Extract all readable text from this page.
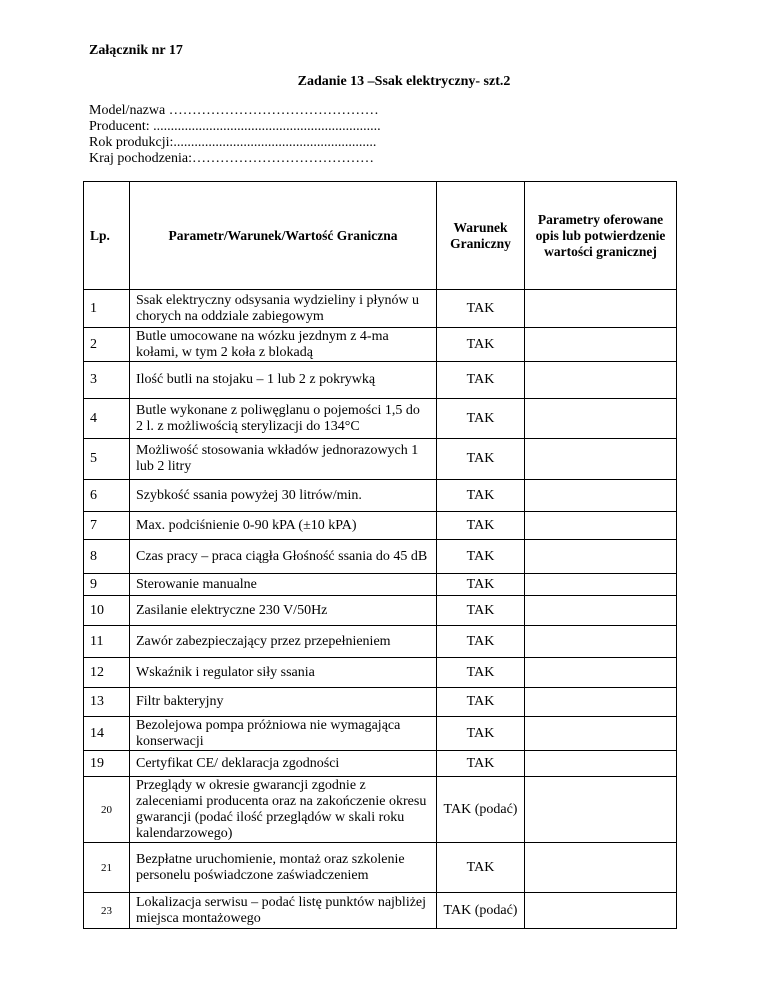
Załącznik nr 17
Zadanie 13 –Ssak elektryczny- szt.2
Model/nazwa ………………………………………
Producent: .................................................................
Rok produkcji:..........................................................
Kraj pochodzenia:…………………………………
Lp.	Parametr/Warunek/Wartość Graniczna	Warunek Graniczny	Parametry oferowane opis lub potwierdzenie wartości granicznej
1	Ssak elektryczny odsysania wydzieliny i płynów u chorych na oddziale zabiegowym	TAK	
2	Butle umocowane na wózku jezdnym z 4-ma kołami, w tym 2 koła z blokadą	TAK	
3	Ilość butli na stojaku – 1 lub 2 z pokrywką	TAK	
4	Butle wykonane z poliwęglanu o pojemości 1,5 do 2 l. z możliwością sterylizacji do 134°C	TAK	
5	Możliwość stosowania wkładów jednorazowych 1 lub 2 litry	TAK	
6	Szybkość ssania powyżej 30 litrów/min.	TAK	
7	Max. podciśnienie 0-90 kPA (±10 kPA)	TAK	
8	Czas pracy – praca ciągła Głośność ssania do 45 dB	TAK	
9	Sterowanie manualne	TAK	
10	Zasilanie elektryczne 230 V/50Hz	TAK	
11	Zawór zabezpieczający przez przepełnieniem	TAK	
12	Wskaźnik i regulator siły ssania	TAK	
13	Filtr bakteryjny	TAK	
14	Bezolejowa pompa próżniowa nie wymagająca konserwacji	TAK	
19	Certyfikat CE/ deklaracja zgodności	TAK	
20	Przeglądy w okresie gwarancji zgodnie z zaleceniami producenta oraz na zakończenie okresu gwarancji (podać ilość przeglądów w skali roku kalendarzowego)	TAK (podać)	
21	Bezpłatne uruchomienie, montaż oraz szkolenie personelu poświadczone zaświadczeniem	TAK	
23	Lokalizacja serwisu – podać listę punktów najbliżej miejsca montażowego	TAK (podać)	
